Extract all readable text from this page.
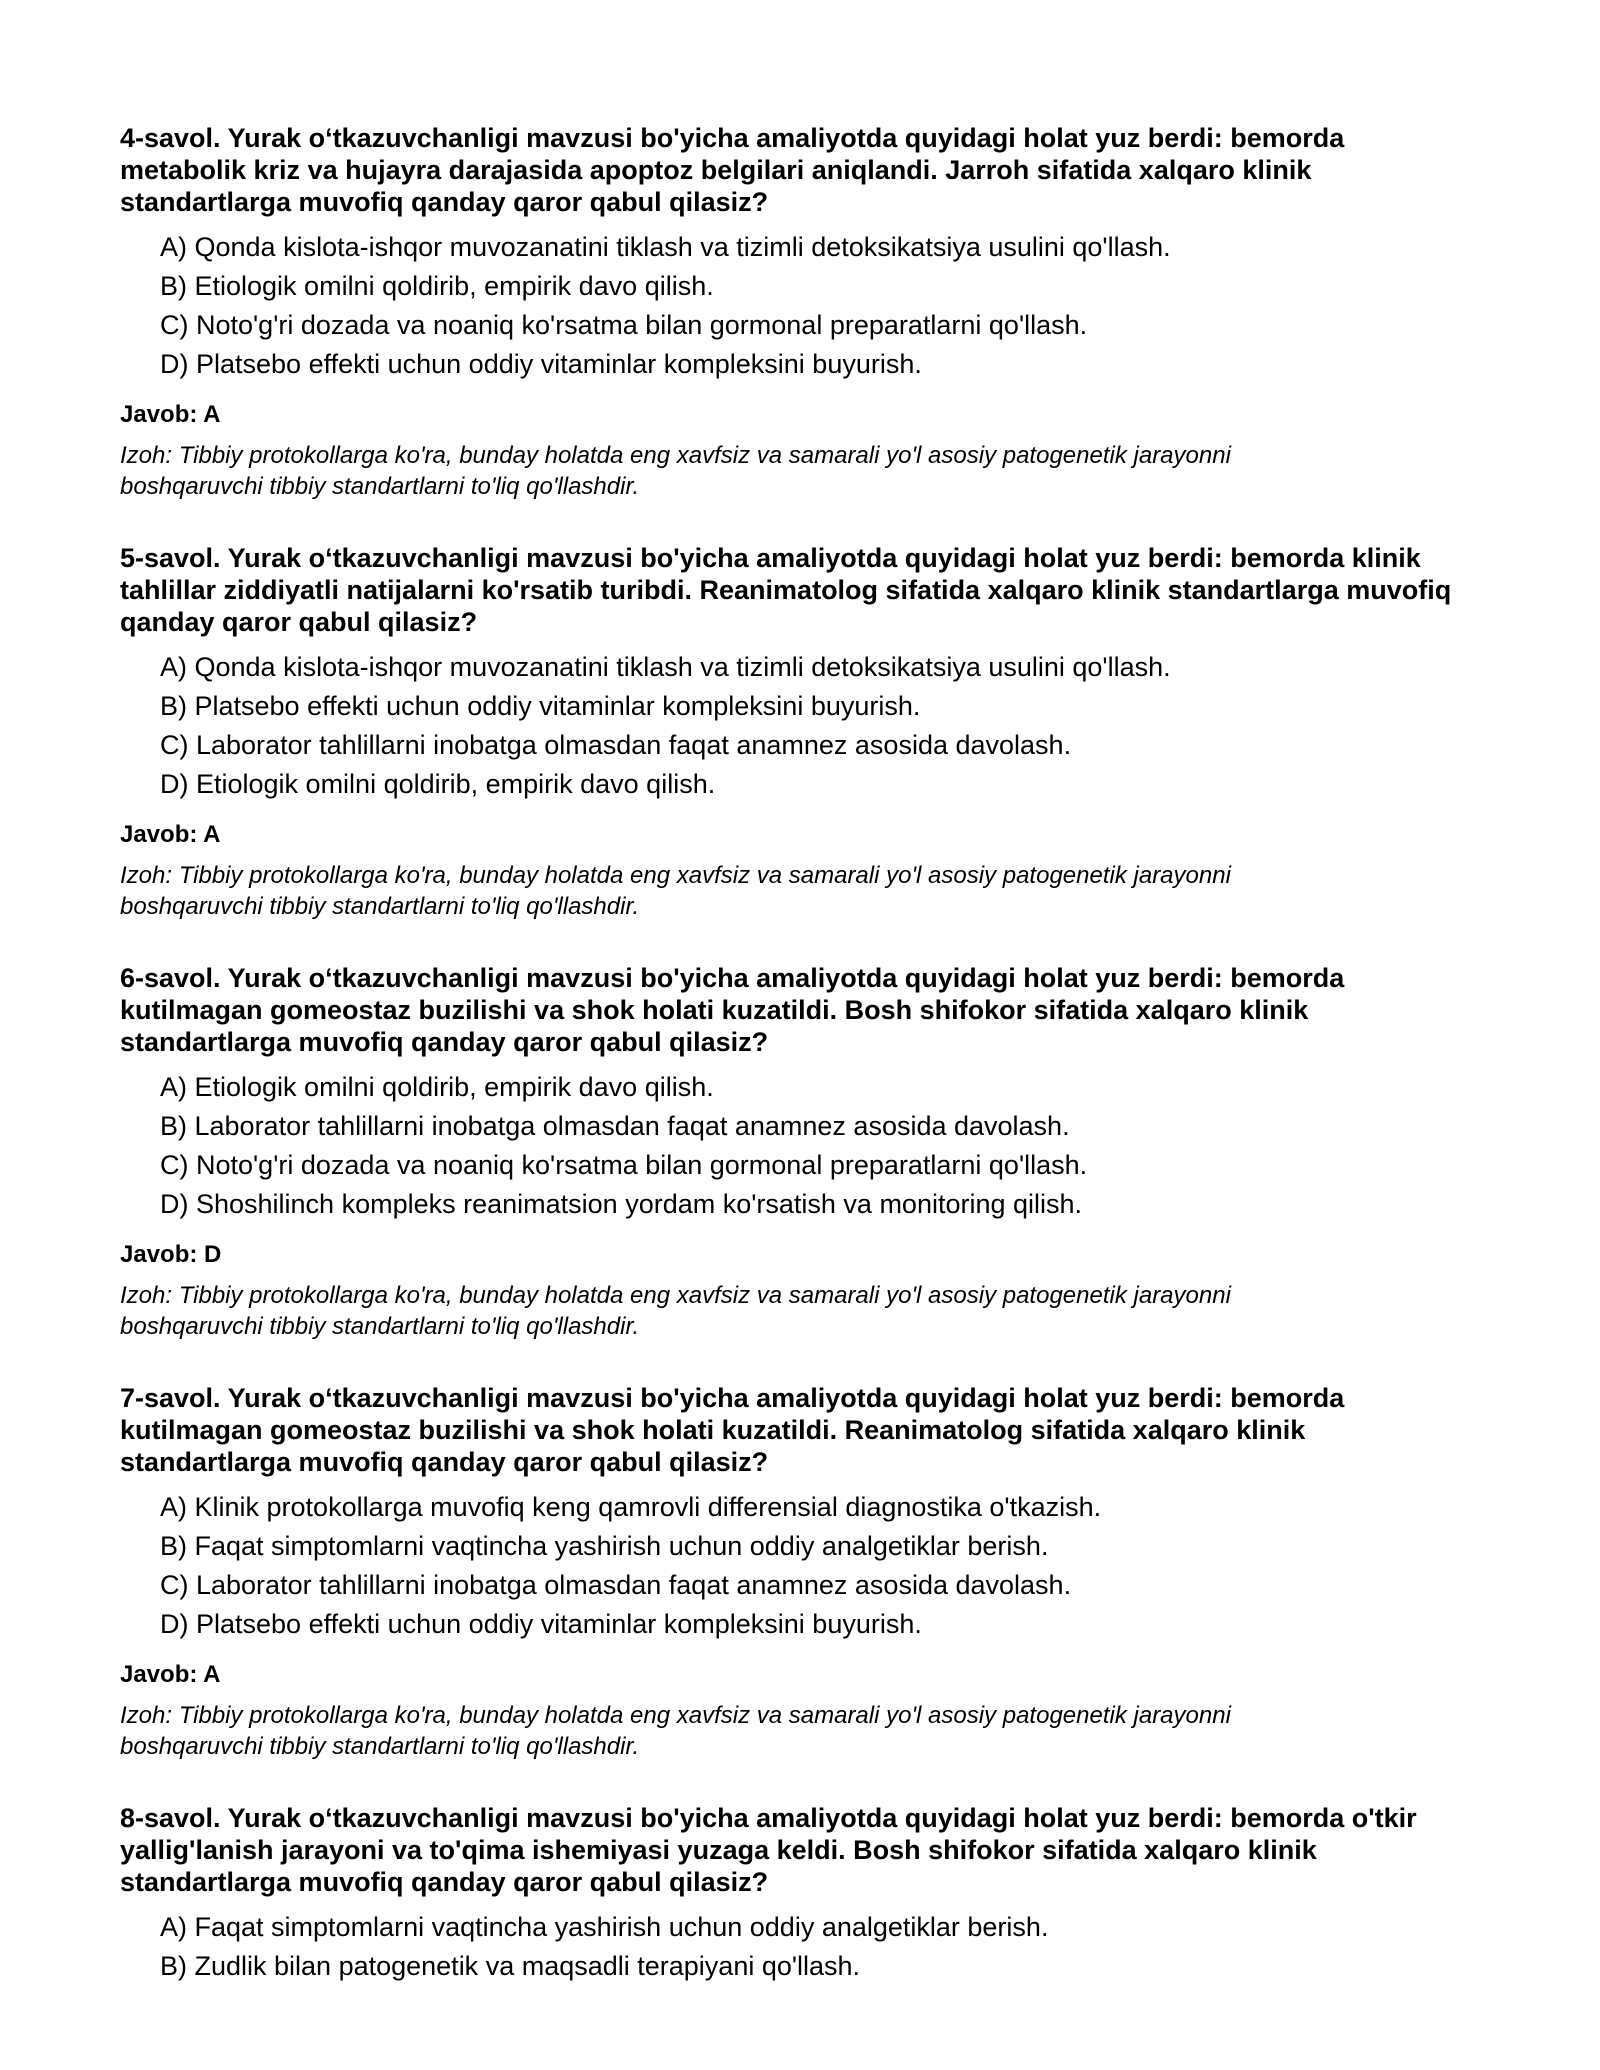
4-savol. Yurak o‘tkazuvchanligi mavzusi bo'yicha amaliyotda quyidagi holat yuz berdi: bemorda metabolik kriz va hujayra darajasida apoptoz belgilari aniqlandi. Jarroh sifatida xalqaro klinik standartlarga muvofiq qanday qaror qabul qilasiz?
A) Qonda kislota-ishqor muvozanatini tiklash va tizimli detoksikatsiya usulini qo'llash.
B) Etiologik omilni qoldirib, empirik davo qilish.
C) Noto'g'ri dozada va noaniq ko'rsatma bilan gormonal preparatlarni qo'llash.
D) Platsebo effekti uchun oddiy vitaminlar kompleksini buyurish.
Javob: A
Izoh: Tibbiy protokollarga ko'ra, bunday holatda eng xavfsiz va samarali yo'l asosiy patogenetik jarayonni boshqaruvchi tibbiy standartlarni to'liq qo'llashdir.
5-savol. Yurak o‘tkazuvchanligi mavzusi bo'yicha amaliyotda quyidagi holat yuz berdi: bemorda klinik tahlillar ziddiyatli natijalarni ko'rsatib turibdi. Reanimatolog sifatida xalqaro klinik standartlarga muvofiq qanday qaror qabul qilasiz?
A) Qonda kislota-ishqor muvozanatini tiklash va tizimli detoksikatsiya usulini qo'llash.
B) Platsebo effekti uchun oddiy vitaminlar kompleksini buyurish.
C) Laborator tahlillarni inobatga olmasdan faqat anamnez asosida davolash.
D) Etiologik omilni qoldirib, empirik davo qilish.
Javob: A
Izoh: Tibbiy protokollarga ko'ra, bunday holatda eng xavfsiz va samarali yo'l asosiy patogenetik jarayonni boshqaruvchi tibbiy standartlarni to'liq qo'llashdir.
6-savol. Yurak o‘tkazuvchanligi mavzusi bo'yicha amaliyotda quyidagi holat yuz berdi: bemorda kutilmagan gomeostaz buzilishi va shok holati kuzatildi. Bosh shifokor sifatida xalqaro klinik standartlarga muvofiq qanday qaror qabul qilasiz?
A) Etiologik omilni qoldirib, empirik davo qilish.
B) Laborator tahlillarni inobatga olmasdan faqat anamnez asosida davolash.
C) Noto'g'ri dozada va noaniq ko'rsatma bilan gormonal preparatlarni qo'llash.
D) Shoshilinch kompleks reanimatsion yordam ko'rsatish va monitoring qilish.
Javob: D
Izoh: Tibbiy protokollarga ko'ra, bunday holatda eng xavfsiz va samarali yo'l asosiy patogenetik jarayonni boshqaruvchi tibbiy standartlarni to'liq qo'llashdir.
7-savol. Yurak o‘tkazuvchanligi mavzusi bo'yicha amaliyotda quyidagi holat yuz berdi: bemorda kutilmagan gomeostaz buzilishi va shok holati kuzatildi. Reanimatolog sifatida xalqaro klinik standartlarga muvofiq qanday qaror qabul qilasiz?
A) Klinik protokollarga muvofiq keng qamrovli differensial diagnostika o'tkazish.
B) Faqat simptomlarni vaqtincha yashirish uchun oddiy analgetiklar berish.
C) Laborator tahlillarni inobatga olmasdan faqat anamnez asosida davolash.
D) Platsebo effekti uchun oddiy vitaminlar kompleksini buyurish.
Javob: A
Izoh: Tibbiy protokollarga ko'ra, bunday holatda eng xavfsiz va samarali yo'l asosiy patogenetik jarayonni boshqaruvchi tibbiy standartlarni to'liq qo'llashdir.
8-savol. Yurak o‘tkazuvchanligi mavzusi bo'yicha amaliyotda quyidagi holat yuz berdi: bemorda o'tkir yallig'lanish jarayoni va to'qima ishemiyasi yuzaga keldi. Bosh shifokor sifatida xalqaro klinik standartlarga muvofiq qanday qaror qabul qilasiz?
A) Faqat simptomlarni vaqtincha yashirish uchun oddiy analgetiklar berish.
B) Zudlik bilan patogenetik va maqsadli terapiyani qo'llash.
